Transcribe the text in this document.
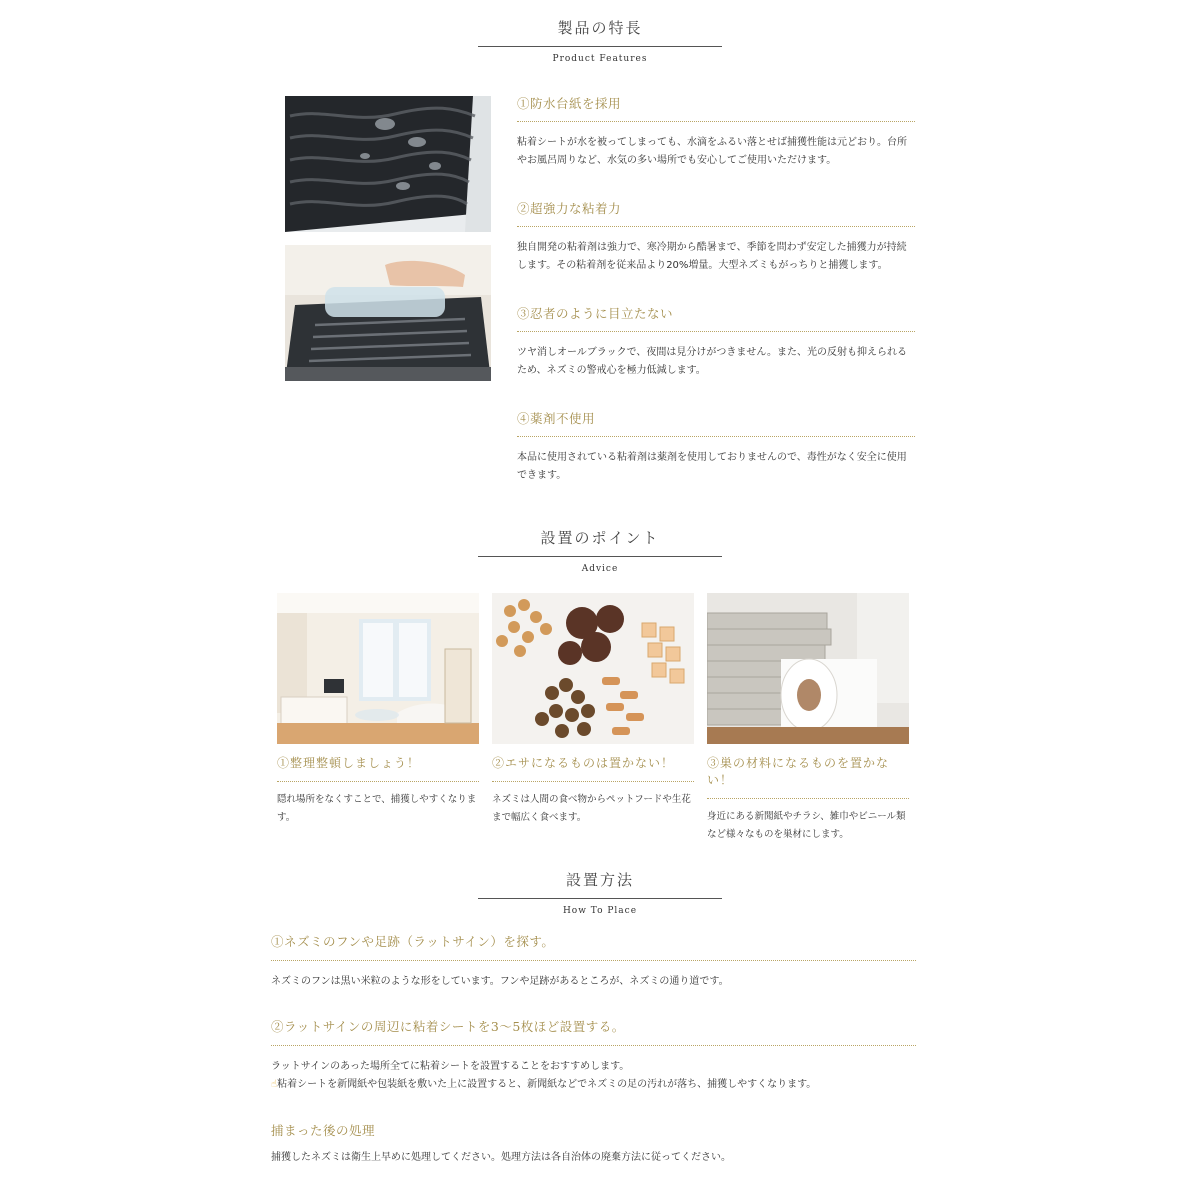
製品の特長
Product Features
①防水台紙を採用
粘着シートが水を被ってしまっても、水滴をふるい落とせば捕獲性能は元どおり。台所やお風呂周りなど、水気の多い場所でも安心してご使用いただけます。
②超強力な粘着力
独自開発の粘着剤は強力で、寒冷期から酷暑まで、季節を問わず安定した捕獲力が持続します。その粘着剤を従来品より20%増量。大型ネズミもがっちりと捕獲します。
③忍者のように目立たない
ツヤ消しオールブラックで、夜間は見分けがつきません。また、光の反射も抑えられるため、ネズミの警戒心を極力低減します。
④薬剤不使用
本品に使用されている粘着剤は薬剤を使用しておりませんので、毒性がなく安全に使用できます。
設置のポイント
Advice
①整理整頓しましょう！
隠れ場所をなくすことで、捕獲しやすくなります。
②エサになるものは置かない！
ネズミは人間の食べ物からペットフードや生花まで幅広く食べます。
③巣の材料になるものを置かない！
身近にある新聞紙やチラシ、雑巾やビニール類など様々なものを巣材にします。
設置方法
How To Place
①ネズミのフンや足跡（ラットサイン）を探す。
ネズミのフンは黒い米粒のような形をしています。フンや足跡があるところが、ネズミの通り道です。
②ラットサインの周辺に粘着シートを3〜5枚ほど設置する。
ラットサインのあった場所全てに粘着シートを設置することをおすすめします。
☝粘着シートを新聞紙や包装紙を敷いた上に設置すると、新聞紙などでネズミの足の汚れが落ち、捕獲しやすくなります。
捕まった後の処理
捕獲したネズミは衛生上早めに処理してください。処理方法は各自治体の廃棄方法に従ってください。
